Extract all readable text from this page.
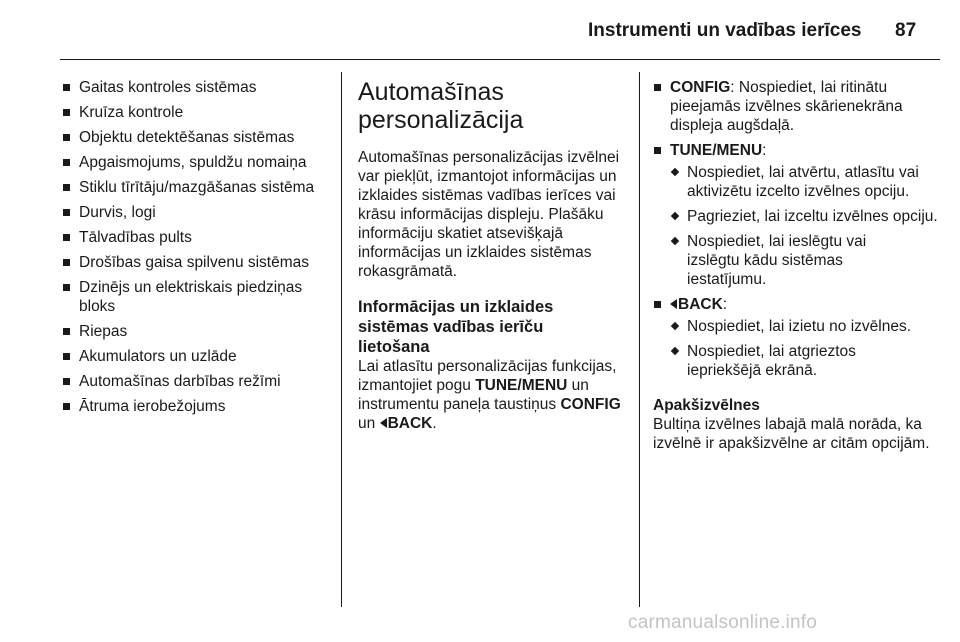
Instrumenti un vadības ierīces 87
Gaitas kontroles sistēmas
Kruīza kontrole
Objektu detektēšanas sistēmas
Apgaismojums, spuldžu nomaiņa
Stiklu tīrītāju/mazgāšanas sistēma
Durvis, logi
Tālvadības pults
Drošības gaisa spilvenu sistēmas
Dzinējs un elektriskais piedziņas bloks
Riepas
Akumulators un uzlāde
Automašīnas darbības režīmi
Ātruma ierobežojums
Automašīnas personalizācija

Automašīnas personalizācijas izvēlnei var piekļūt, izmantojot informācijas un izklaides sistēmas vadības ierīces vai krāsu informācijas displeju. Plašāku informāciju skatiet atsevišķajā informācijas un izklaides sistēmas rokasgrāmatā.

Informācijas un izklaides sistēmas vadības ierīču lietošana

Lai atlasītu personalizācijas funkcijas, izmantojiet pogu TUNE/MENU un instrumentu paneļa taustiņus CONFIG un BACK.

CONFIG: Nospiediet, lai ritinātu pieejamās izvēlnes skārienekrāna displeja augšdaļā.
TUNE/MENU:
Nospiediet, lai atvērtu, atlasītu vai aktivizētu izcelto izvēlnes opciju.
Pagrieziet, lai izceltu izvēlnes opciju.
Nospiediet, lai ieslēgtu vai izslēgtu kādu sistēmas iestatījumu.
BACK:
Nospiediet, lai izietu no izvēlnes.
Nospiediet, lai atgrieztos iepriekšējā ekrānā.
Apakšizvēlnes

Bultiņa izvēlnes labajā malā norāda, ka izvēlnē ir apakšizvēlne ar citām opcijām.

carmanualsonline.info
